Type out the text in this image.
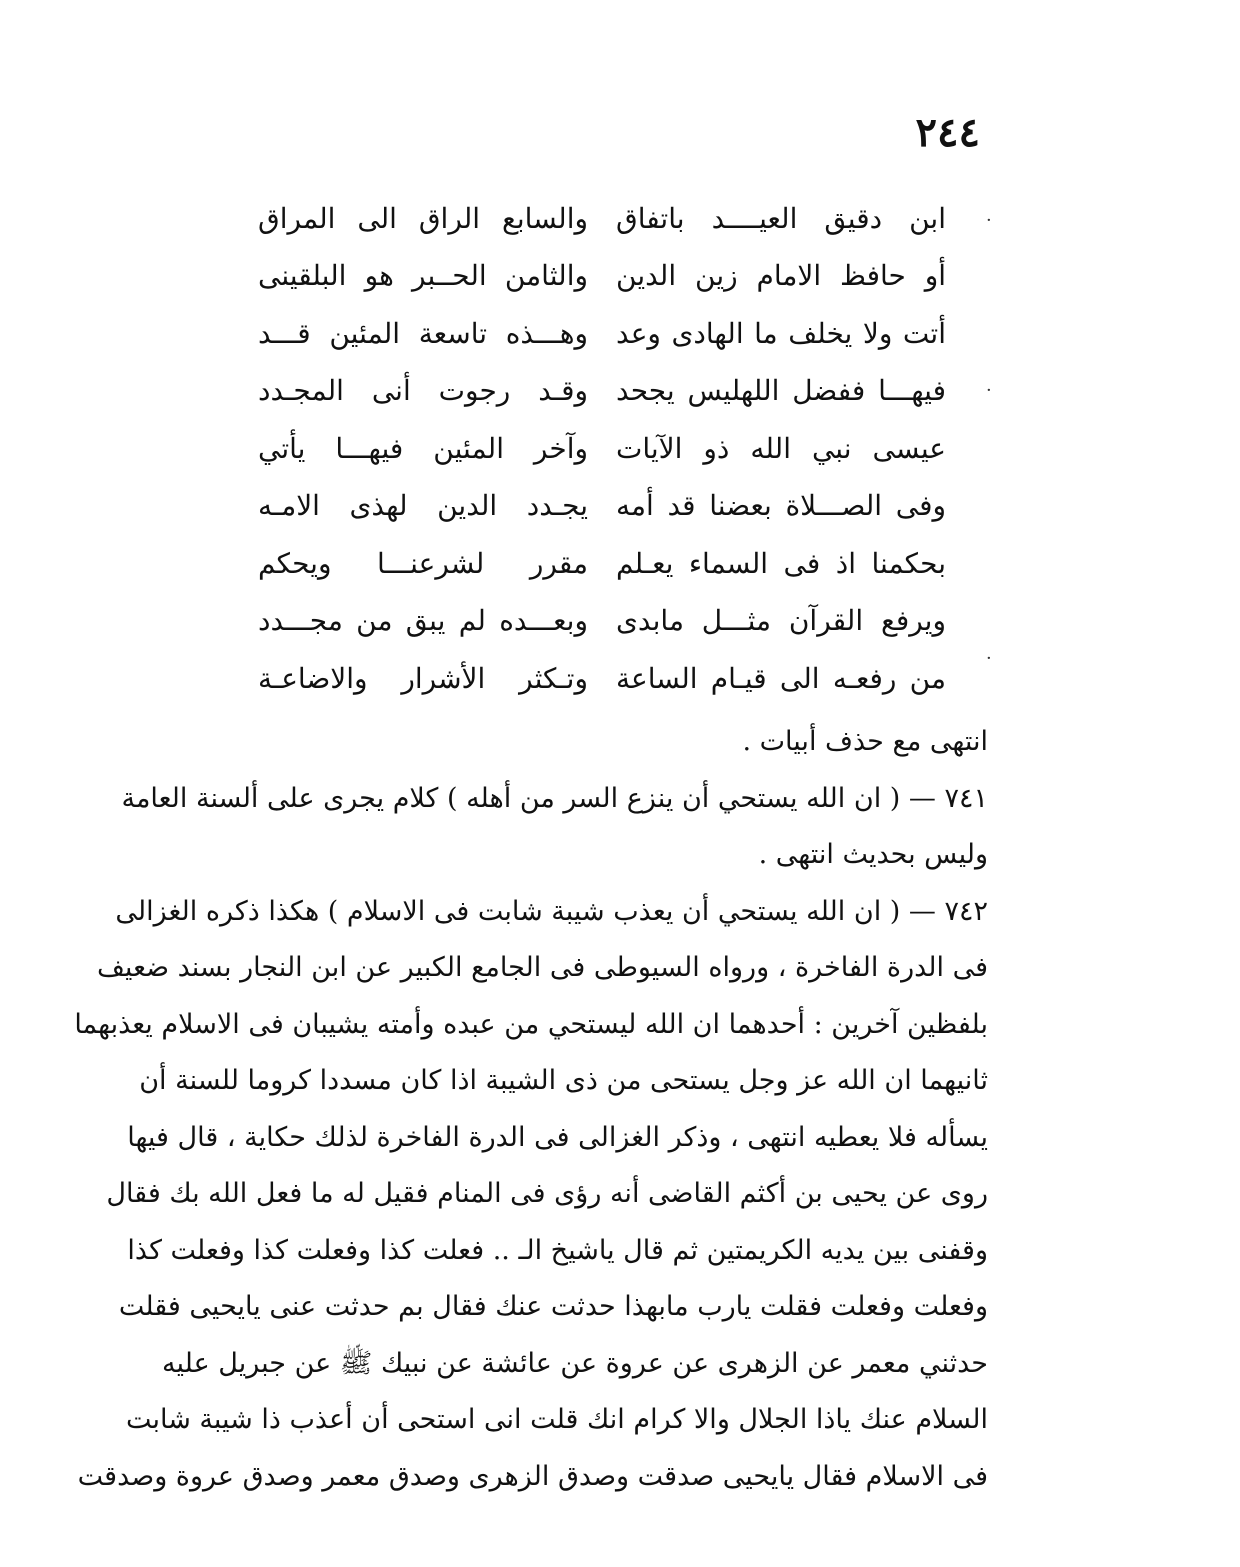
٢٤٤
·
·
·
والسابع الراق الى المراق ابن دقيق العيــــد باتفاق
والثامن الحــبر هو البلقينى أو حافظ الامام زين الدين
وهـــذه تاسعة المئين قـــد أتت ولا يخلف ما الهادى وعد
وقـد رجوت أنى المجـدد فيهـــا ففضل اللهليس يجحد
وآخر المئين فيهـــا يأتي عيسى نبي الله ذو الآيات
يجـدد الدين لهذى الامـه وفى الصـــلاة بعضنا قد أمه
مقرر لشرعنـــا ويحكم بحكمنا اذ فى السماء يعـلم
وبعـــده لم يبق من مجـــدد ويرفع القرآن مثـــل مابدى
وتـكثر الأشرار والاضاعـة من رفعـه الى قيـام الساعة
انتهى مع حذف أبيات .
٧٤١ — ( ان الله يستحي أن ينزع السر من أهله ) كلام يجرى على ألسنة العامة
وليس بحديث انتهى .
٧٤٢ — ( ان الله يستحي أن يعذب شيبة شابت فى الاسلام ) هكذا ذكره الغزالى
فى الدرة الفاخرة ، ورواه السيوطى فى الجامع الكبير عن ابن النجار بسند ضعيف
بلفظين آخرين : أحدهما ان الله ليستحي من عبده وأمته يشيبان فى الاسلام يعذبهما
ثانيهما ان الله عز وجل يستحى من ذى الشيبة اذا كان مسددا كروما للسنة أن
يسأله فلا يعطيه انتهى ، وذكر الغزالى فى الدرة الفاخرة لذلك حكاية ، قال فيها
روى عن يحيى بن أكثم القاضى أنه رؤى فى المنام فقيل له ما فعل الله بك فقال
وقفنى بين يديه الكريمتين ثم قال ياشيخ الـ .. فعلت كذا وفعلت كذا وفعلت كذا
وفعلت وفعلت فقلت يارب مابهذا حدثت عنك فقال بم حدثت عنى يايحيى فقلت
حدثني معمر عن الزهرى عن عروة عن عائشة عن نبيك ﷺ عن جبريل عليه
السلام عنك ياذا الجلال والا كرام انك قلت انى استحى أن أعذب ذا شيبة شابت
فى الاسلام فقال يايحيى صدقت وصدق الزهرى وصدق معمر وصدق عروة وصدقت
